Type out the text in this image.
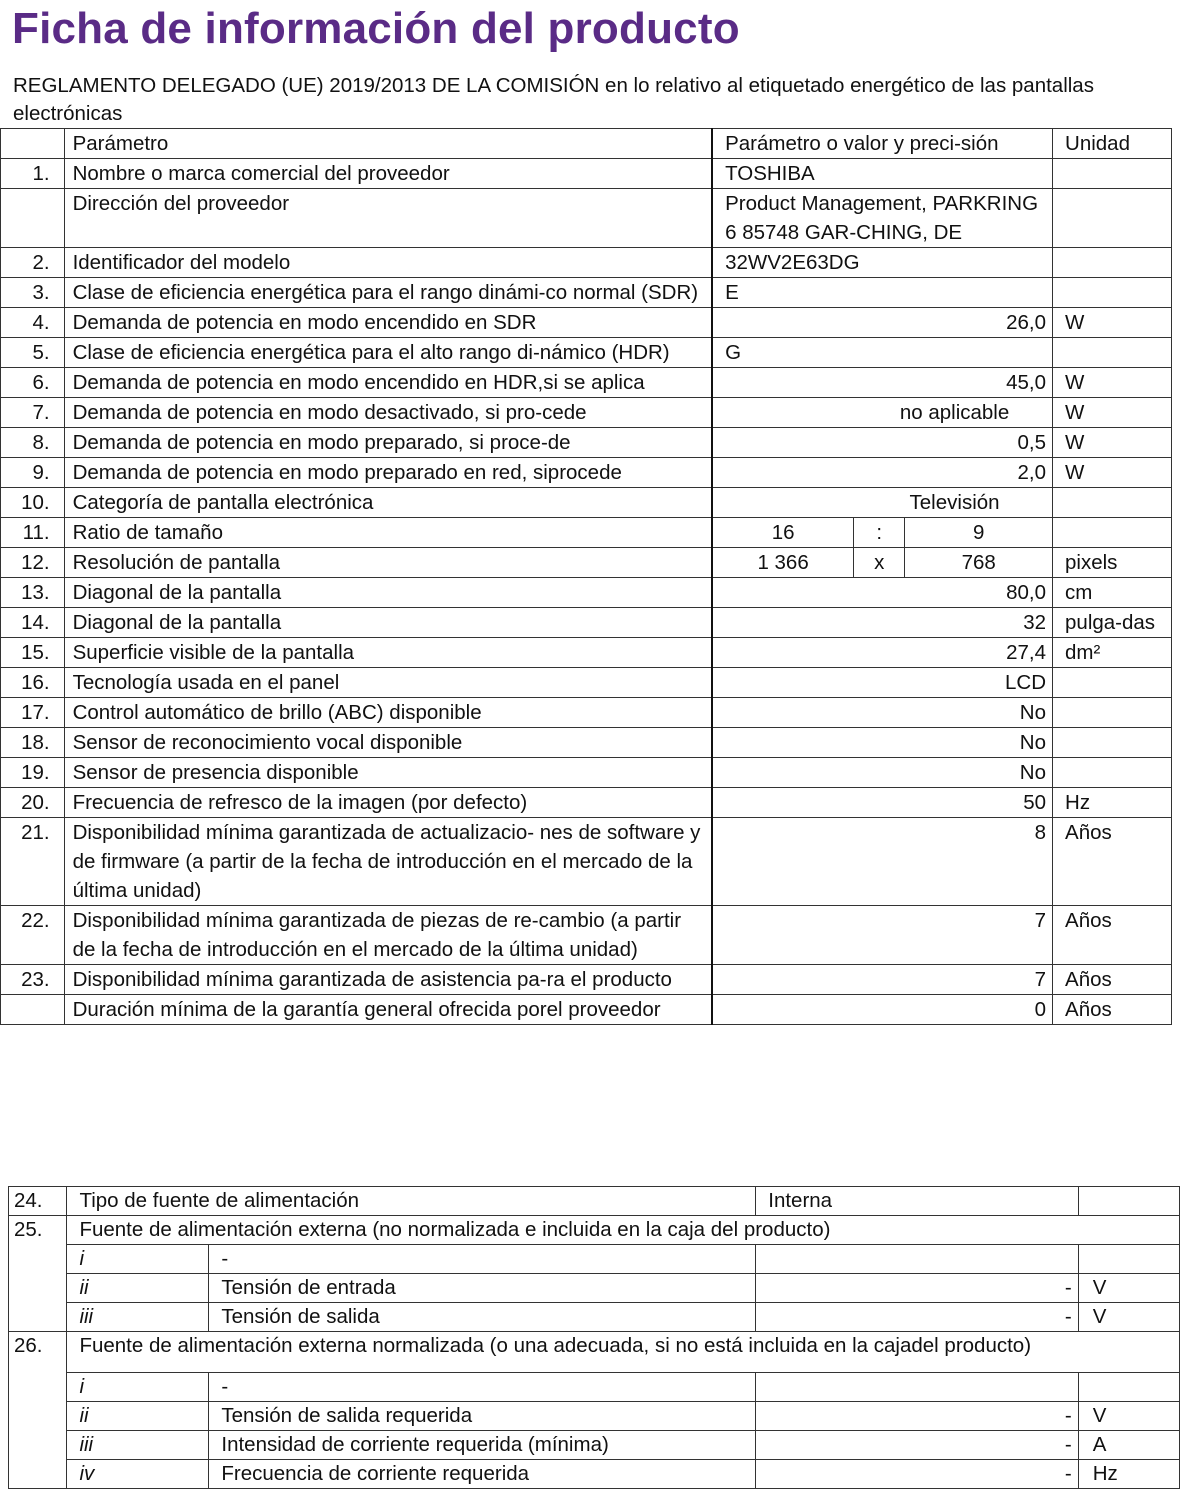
Ficha de información del producto
REGLAMENTO DELEGADO (UE) 2019/2013 DE LA COMISIÓN en lo relativo al etiquetado energético de las pantallas electrónicas
	Parámetro	Parámetro o valor y preci-sión			Unidad
1.	Nombre o marca comercial del proveedor	TOSHIBA			
	Dirección del proveedor	Product Management, PARKRING 6 85748 GAR-CHING, DE			
2.	Identificador del modelo	32WV2E63DG			
3.	Clase de eficiencia energética para el rango dinámi-co normal (SDR)	E			
4.	Demanda de potencia en modo encendido en SDR	26,0			W
5.	Clase de eficiencia energética para el alto rango di-námico (HDR)	G			
6.	Demanda de potencia en modo encendido en HDR,si se aplica	45,0			W
7.	Demanda de potencia en modo desactivado, si pro-cede	no aplicable			W
8.	Demanda de potencia en modo preparado, si proce-de	0,5			W
9.	Demanda de potencia en modo preparado en red, siprocede	2,0			W
10.	Categoría de pantalla electrónica	Televisión			
11.	Ratio de tamaño	16	:	9	
12.	Resolución de pantalla	1 366	x	768	pixels
13.	Diagonal de la pantalla	80,0			cm
14.	Diagonal de la pantalla	32			pulga-das
15.	Superficie visible de la pantalla	27,4			dm²
16.	Tecnología usada en el panel	LCD			
17.	Control automático de brillo (ABC) disponible	No			
18.	Sensor de reconocimiento vocal disponible	No			
19.	Sensor de presencia disponible	No			
20.	Frecuencia de refresco de la imagen (por defecto)	50			Hz
21.	Disponibilidad mínima garantizada de actualizacio- nes de software y de firmware (a partir de la fecha de introducción en el mercado de la última unidad)	8			Años
22.	Disponibilidad mínima garantizada de piezas de re-cambio (a partir de la fecha de introducción en el mercado de la última unidad)	7			Años
23.	Disponibilidad mínima garantizada de asistencia pa-ra el producto	7			Años
	Duración mínima de la garantía general ofrecida porel proveedor	0			Años
24.	Tipo de fuente de alimentación		Interna	
25.	Fuente de alimentación externa (no normalizada e incluida en la caja del producto)			
	i	-		
	ii	Tensión de entrada	-	V
	iii	Tensión de salida	-	V
26.	Fuente de alimentación externa normalizada (o una adecuada, si no está incluida en la cajadel producto)			
	i	-		
	ii	Tensión de salida requerida	-	V
	iii	Intensidad de corriente requerida (mínima)	-	A
	iv	Frecuencia de corriente requerida	-	Hz
